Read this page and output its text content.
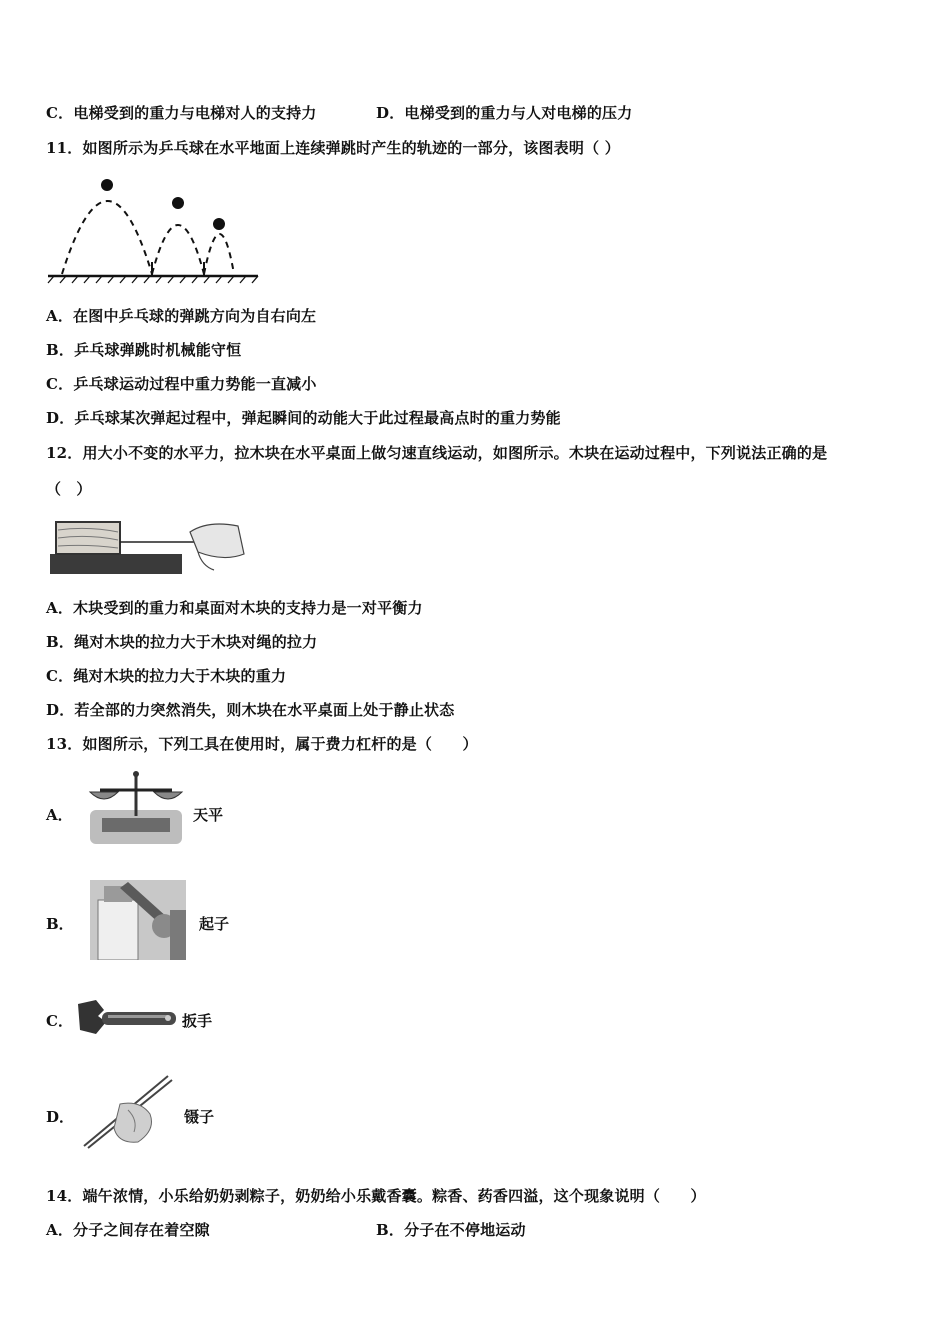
C．电梯受到的重力与电梯对人的支持力	D．电梯受到的重力与人对电梯的压力
11．如图所示为乒乓球在水平地面上连续弹跳时产生的轨迹的一部分，该图表明（ ）
A．在图中乒乓球的弹跳方向为自右向左
B．乒乓球弹跳时机械能守恒
C．乒乓球运动过程中重力势能一直减小
D．乒乓球某次弹起过程中，弹起瞬间的动能大于此过程最高点时的重力势能
12．用大小不变的水平力，拉木块在水平桌面上做匀速直线运动，如图所示。木块在运动过程中，下列说法正确的是
（　）
A．木块受到的重力和桌面对木块的支持力是一对平衡力
B．绳对木块的拉力大于木块对绳的拉力
C．绳对木块的拉力大于木块的重力
D．若全部的力突然消失，则木块在水平桌面上处于静止状态
13．如图所示，下列工具在使用时，属于费力杠杆的是（　　）
A．	天平
B．	起子
C．	扳手
D．	镊子
14．端午浓情，小乐给奶奶剥粽子，奶奶给小乐戴香囊。粽香、药香四溢，这个现象说明（　　）
A．分子之间存在着空隙	B．分子在不停地运动
